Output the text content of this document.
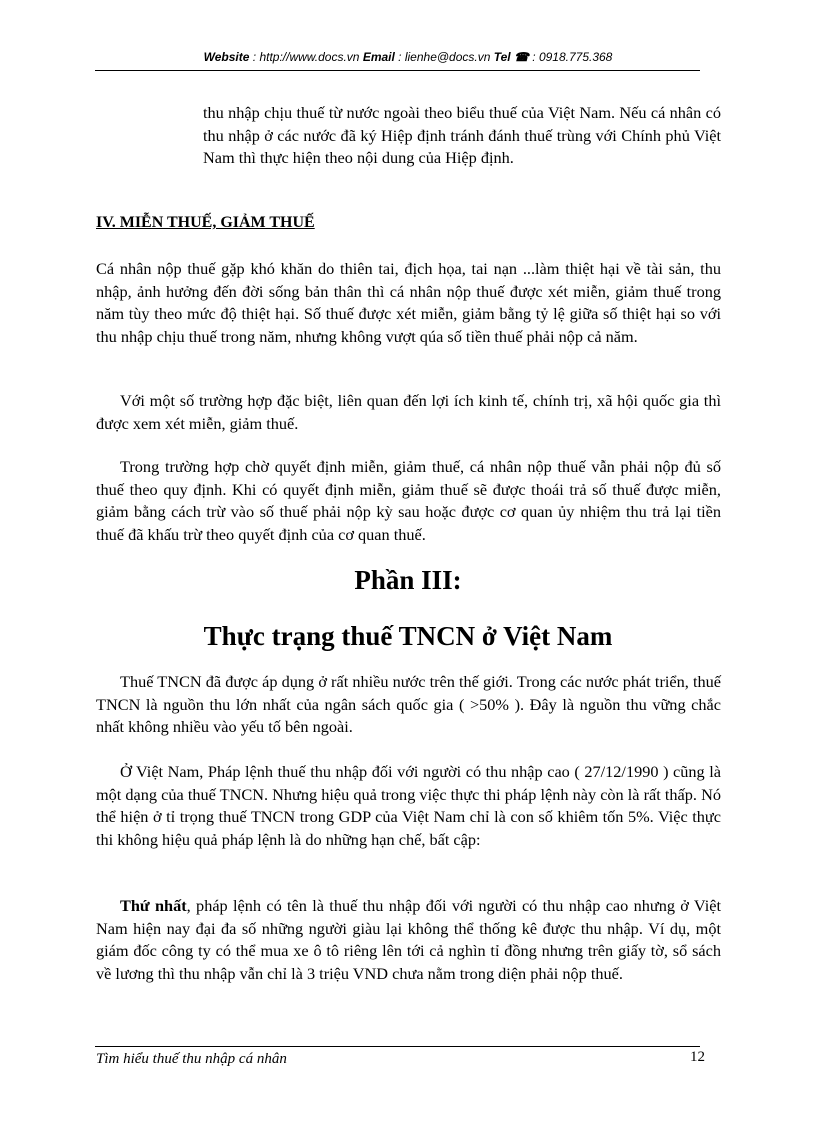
Website : http://www.docs.vn Email : lienhe@docs.vn Tel ☎ : 0918.775.368
thu nhập chịu thuế từ nước ngoài theo biểu thuế của Việt Nam. Nếu cá nhân có thu nhập ở các nước đã ký Hiệp định tránh đánh thuế trùng với Chính phủ Việt Nam thì thực hiện theo nội dung của Hiệp định.
IV. MIỄN THUẾ, GIẢM THUẾ
Cá nhân nộp thuế gặp khó khăn do thiên tai, địch họa, tai nạn ...làm thiệt hại về tài sản, thu nhập, ảnh hưởng đến đời sống bản thân thì cá nhân nộp thuế được xét miễn, giảm thuế trong năm tùy theo mức độ thiệt hại. Số thuế được xét miễn, giảm bằng tỷ lệ giữa số thiệt hại so với thu nhập chịu thuế trong năm, nhưng không vượt qúa số tiền thuế phải nộp cả năm.
Với một số trường hợp đặc biệt, liên quan đến lợi ích kinh tế, chính trị, xã hội quốc gia thì được xem xét miễn, giảm thuế.
Trong trường hợp chờ quyết định miễn, giảm thuế, cá nhân nộp thuế vẫn phải nộp đủ số thuế theo quy định. Khi có quyết định miễn, giảm thuế sẽ được thoái trả số thuế được miễn, giảm bằng cách trừ vào số thuế phải nộp kỳ sau hoặc được cơ quan ủy nhiệm thu trả lại tiền thuế đã khấu trừ theo quyết định của cơ quan thuế.
Phần III:
Thực trạng thuế TNCN ở Việt Nam
Thuế TNCN đã được áp dụng ở rất nhiều nước trên thế giới. Trong các nước phát triển, thuế TNCN là nguồn thu lớn nhất của ngân sách quốc gia ( >50% ). Đây là nguồn thu vững chắc nhất không nhiều vào yếu tố bên ngoài.
Ở Việt Nam, Pháp lệnh thuế thu nhập đối với người có thu nhập cao ( 27/12/1990 ) cũng là một dạng của thuế TNCN. Nhưng hiệu quả trong việc thực thi pháp lệnh này còn là rất thấp. Nó thể hiện ở tỉ trọng thuế TNCN trong GDP của Việt Nam chỉ là con số khiêm tốn 5%. Việc thực thi không hiệu quả pháp lệnh là do những hạn chế, bất cập:
Thứ nhất, pháp lệnh có tên là thuế thu nhập đối với người có thu nhập cao nhưng ở Việt Nam hiện nay đại đa số những người giàu lại không thể thống kê được thu nhập. Ví dụ, một giám đốc công ty có thể mua xe ô tô riêng lên tới cả nghìn tỉ đồng nhưng trên giấy tờ, sổ sách về lương thì thu nhập vẫn chỉ là 3 triệu VND chưa nằm trong diện phải nộp thuế.
Tìm hiểu thuế thu nhập cá nhân	12
